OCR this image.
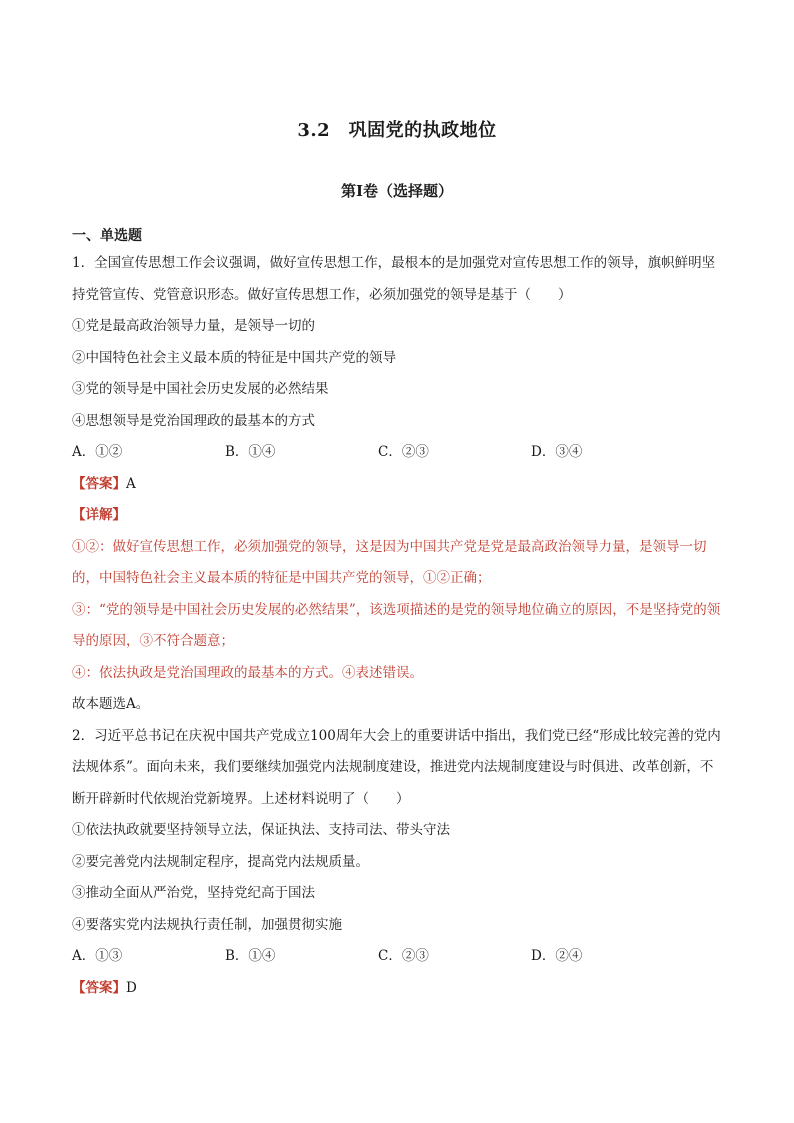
3.2　巩固党的执政地位
第I卷（选择题）
一、单选题
1．全国宣传思想工作会议强调，做好宣传思想工作，最根本的是加强党对宣传思想工作的领导，旗帜鲜明坚持党管宣传、党管意识形态。做好宣传思想工作，必须加强党的领导是基于（　　）
①党是最高政治领导力量，是领导一切的
②中国特色社会主义最本质的特征是中国共产党的领导
③党的领导是中国社会历史发展的必然结果
④思想领导是党治国理政的最基本的方式
A．①②	B．①④	C．②③	D．③④
【答案】A
【详解】
①②：做好宣传思想工作，必须加强党的领导，这是因为中国共产党是党是最高政治领导力量，是领导一切的，中国特色社会主义最本质的特征是中国共产党的领导，①②正确；
③：“党的领导是中国社会历史发展的必然结果”，该选项描述的是党的领导地位确立的原因，不是坚持党的领导的原因，③不符合题意；
④：依法执政是党治国理政的最基本的方式。④表述错误。
故本题选A。
2．习近平总书记在庆祝中国共产党成立100周年大会上的重要讲话中指出，我们党已经“形成比较完善的党内法规体系”。面向未来，我们要继续加强党内法规制度建设，推进党内法规制度建设与时俱进、改革创新，不断开辟新时代依规治党新境界。上述材料说明了（　　）
①依法执政就要坚持领导立法，保证执法、支持司法、带头守法
②要完善党内法规制定程序，提高党内法规质量。
③推动全面从严治党，坚持党纪高于国法
④要落实党内法规执行责任制，加强贯彻实施
A．①③	B．①④	C．②③	D．②④
【答案】D
